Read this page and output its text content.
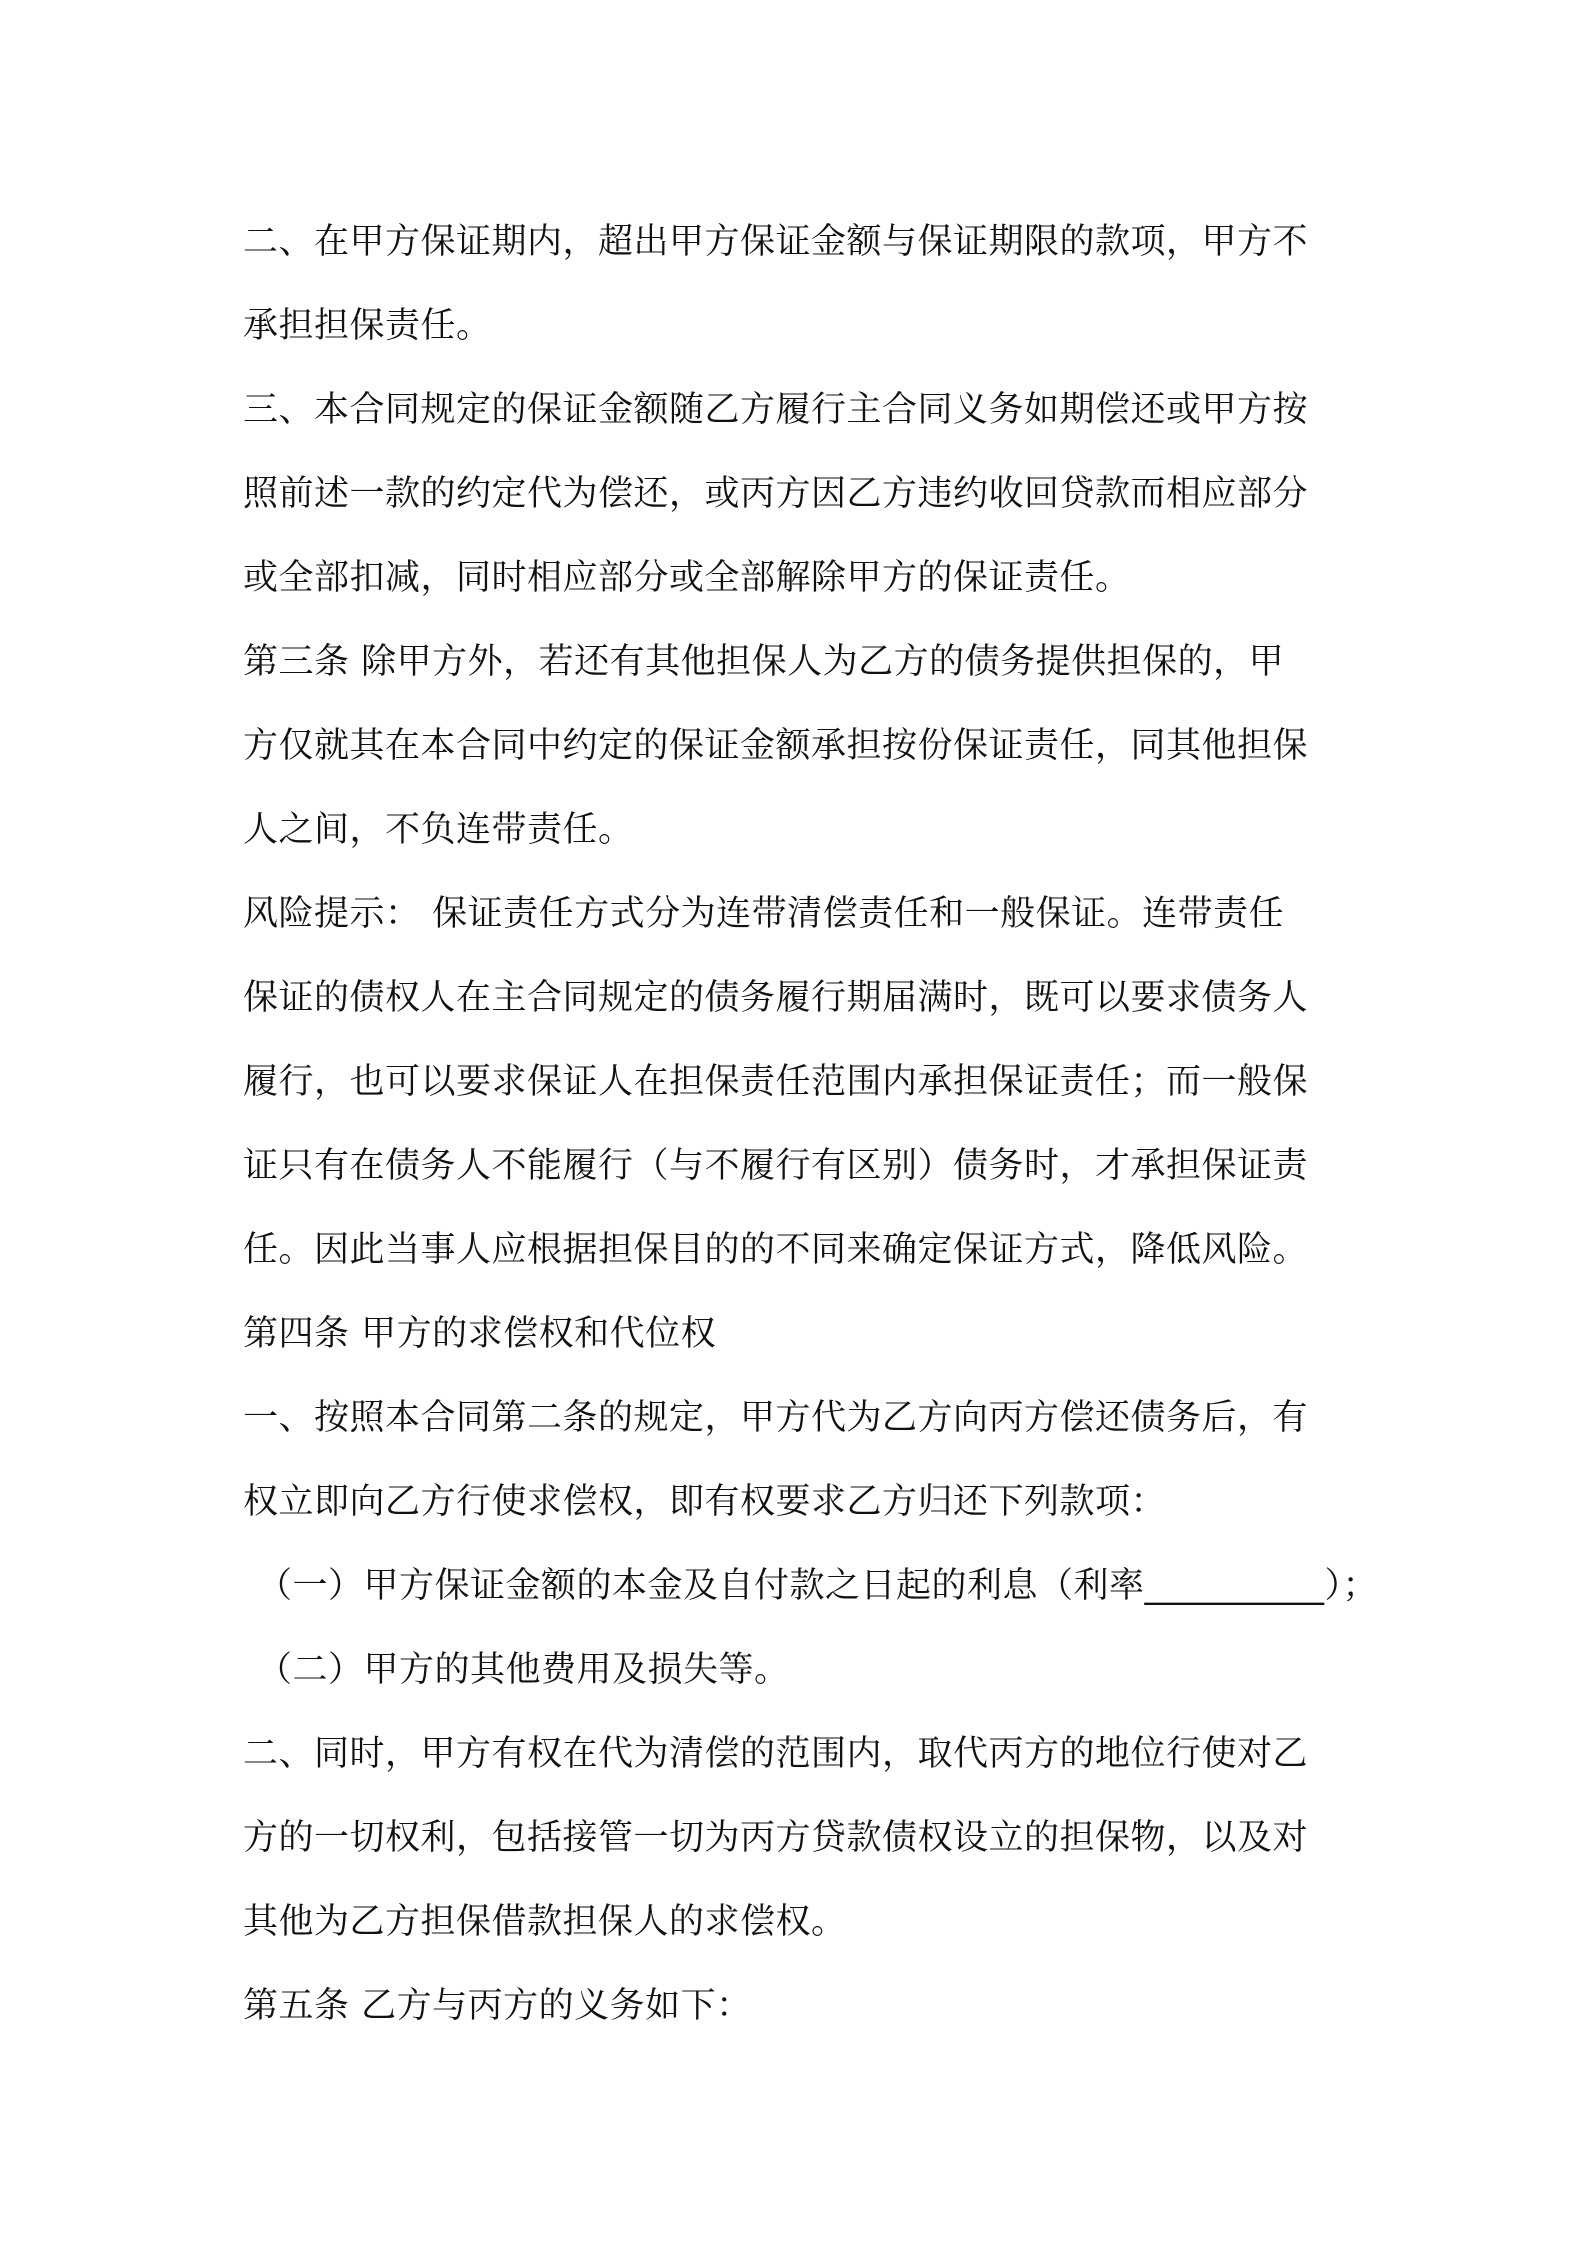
二、在甲方保证期内，超出甲方保证金额与保证期限的款项，甲方不
承担担保责任。
三、本合同规定的保证金额随乙方履行主合同义务如期偿还或甲方按
照前述一款的约定代为偿还，或丙方因乙方违约收回贷款而相应部分
或全部扣减，同时相应部分或全部解除甲方的保证责任。
第三条 除甲方外，若还有其他担保人为乙方的债务提供担保的，甲
方仅就其在本合同中约定的保证金额承担按份保证责任，同其他担保
人之间，不负连带责任。
风险提示： 保证责任方式分为连带清偿责任和一般保证。连带责任
保证的债权人在主合同规定的债务履行期届满时，既可以要求债务人
履行，也可以要求保证人在担保责任范围内承担保证责任；而一般保
证只有在债务人不能履行（与不履行有区别）债务时，才承担保证责
任。因此当事人应根据担保目的的不同来确定保证方式，降低风险。
第四条 甲方的求偿权和代位权
一、按照本合同第二条的规定，甲方代为乙方向丙方偿还债务后，有
权立即向乙方行使求偿权，即有权要求乙方归还下列款项：
（一）甲方保证金额的本金及自付款之日起的利息（利率__________）；
（二）甲方的其他费用及损失等。
二、同时，甲方有权在代为清偿的范围内，取代丙方的地位行使对乙
方的一切权利，包括接管一切为丙方贷款债权设立的担保物，以及对
其他为乙方担保借款担保人的求偿权。
第五条 乙方与丙方的义务如下：
